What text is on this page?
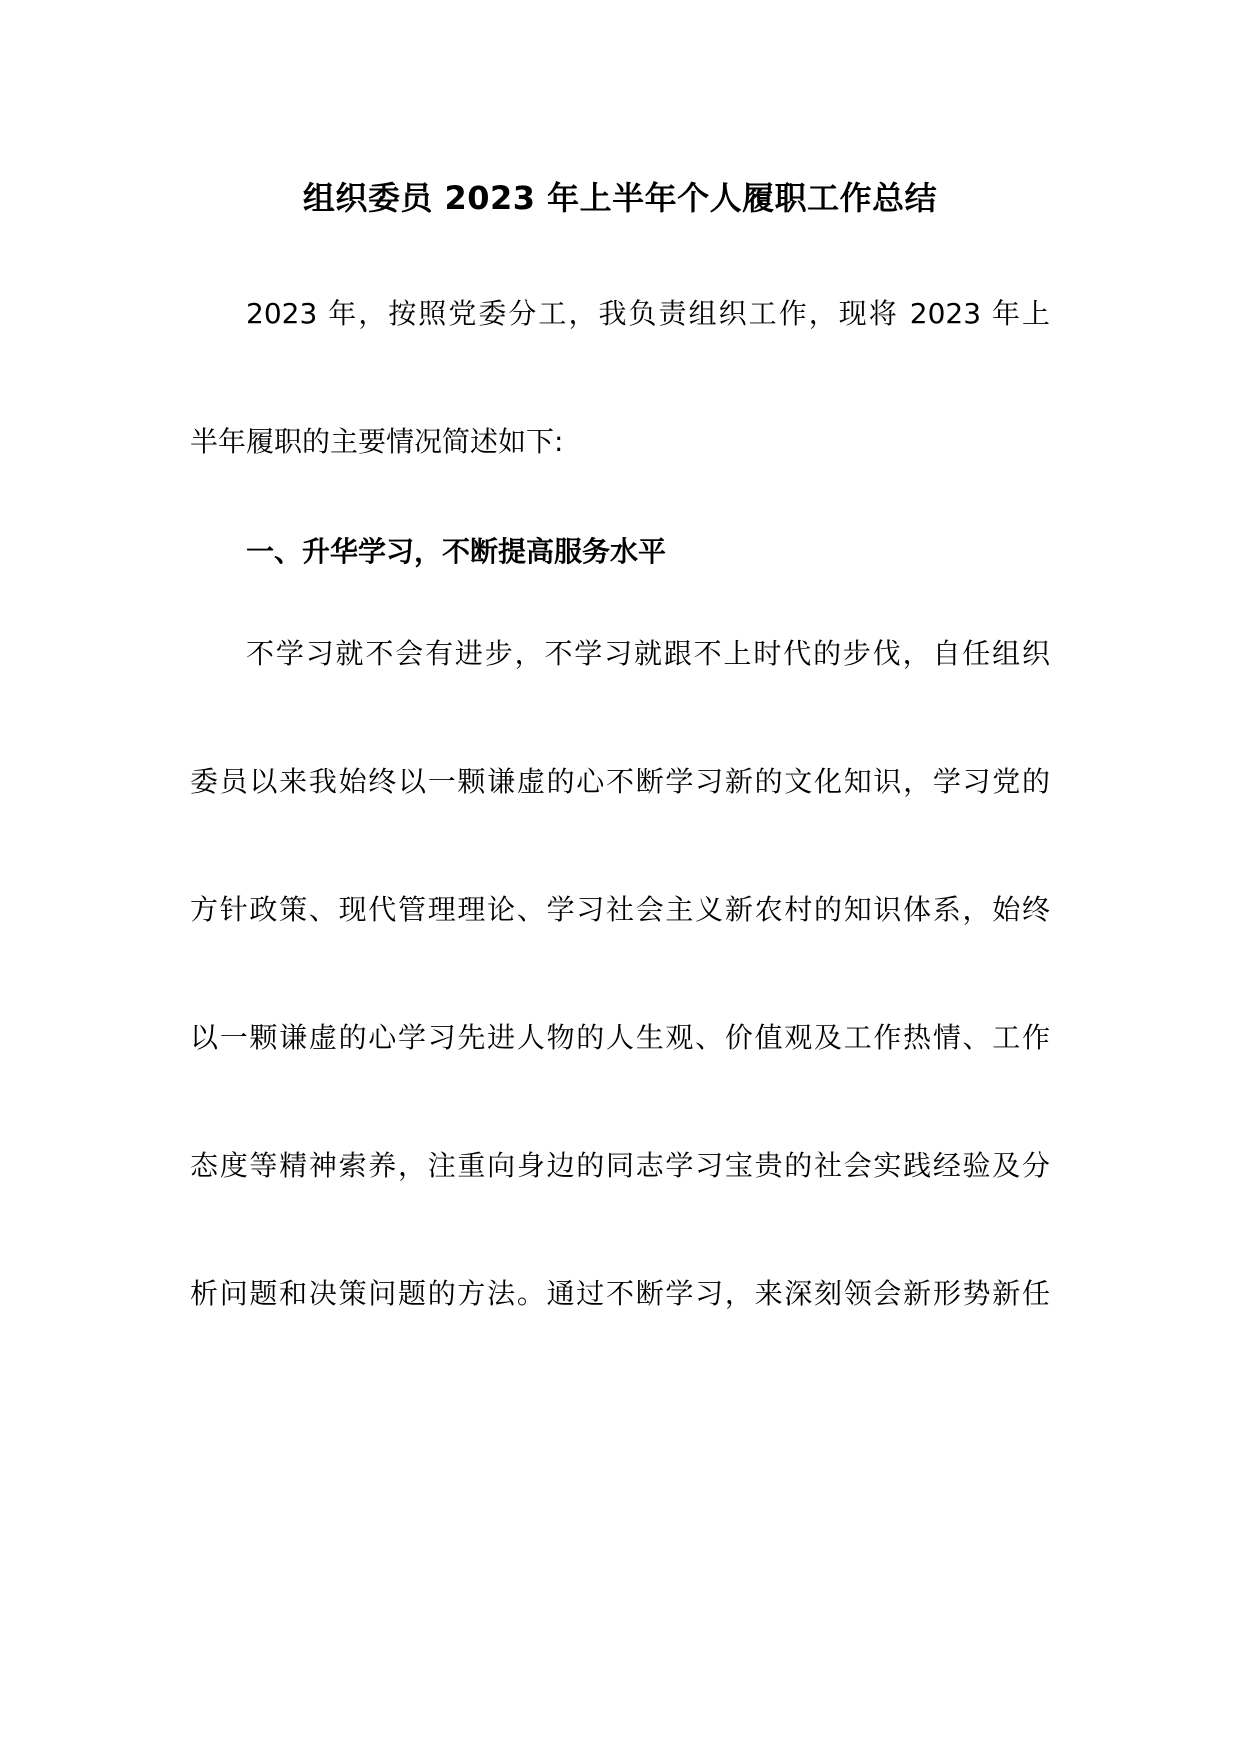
组织委员 2023 年上半年个人履职工作总结
2023 年，按照党委分工，我负责组织工作，现将 2023 年上
半年履职的主要情况简述如下:
一、升华学习，不断提高服务水平
不学习就不会有进步，不学习就跟不上时代的步伐，自任组织
委员以来我始终以一颗谦虚的心不断学习新的文化知识，学习党的
方针政策、现代管理理论、学习社会主义新农村的知识体系，始终
以一颗谦虚的心学习先进人物的人生观、价值观及工作热情、工作
态度等精神索养，注重向身边的同志学习宝贵的社会实践经验及分
析问题和决策问题的方法。通过不断学习，来深刻领会新形势新任
